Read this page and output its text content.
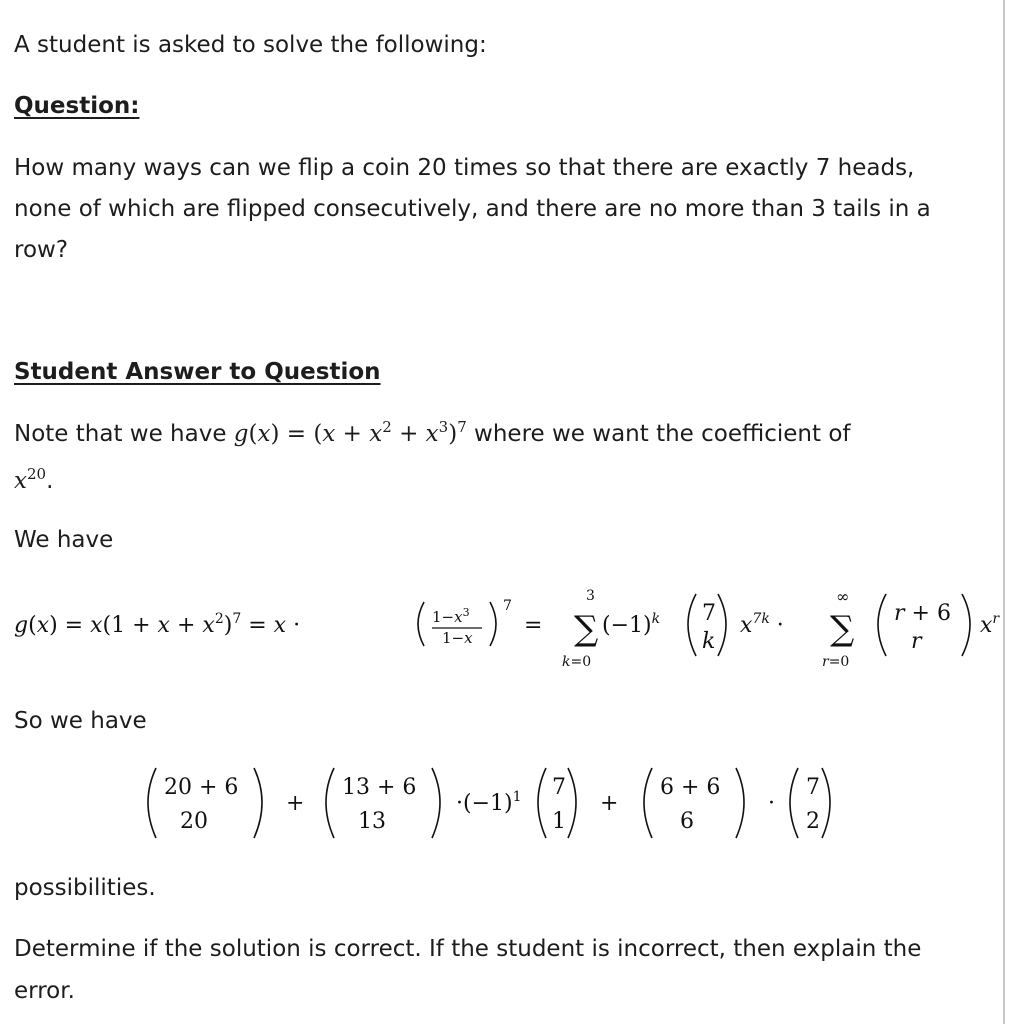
A student is asked to solve the following:
Question:
How many ways can we flip a coin 20 times so that there are exactly 7 heads,
none of which are flipped consecutively, and there are no more than 3 tails in a
row?
Student Answer to Question
Note that we have $g(x) = (x + x^2 + x^3)^7$ where we want the coefficient of
$x^{20}$.
We have
$g(x) = x(1 + x + x^2)^7 = x$ ·	$1-x^3$
1−x
7
=
3
∑
k=0
$(-1)^k$ 7
k
$x^{7k}$ ·
∞
∑
r=0
r + 6
r
$x^r$
So we have
20 + 6
20
+
13 + 6
13
$\cdot(-1)^1$ 7
1
+
6 + 6
6
·
7
2
possibilities.
Determine if the solution is correct. If the student is incorrect, then explain the
error.
